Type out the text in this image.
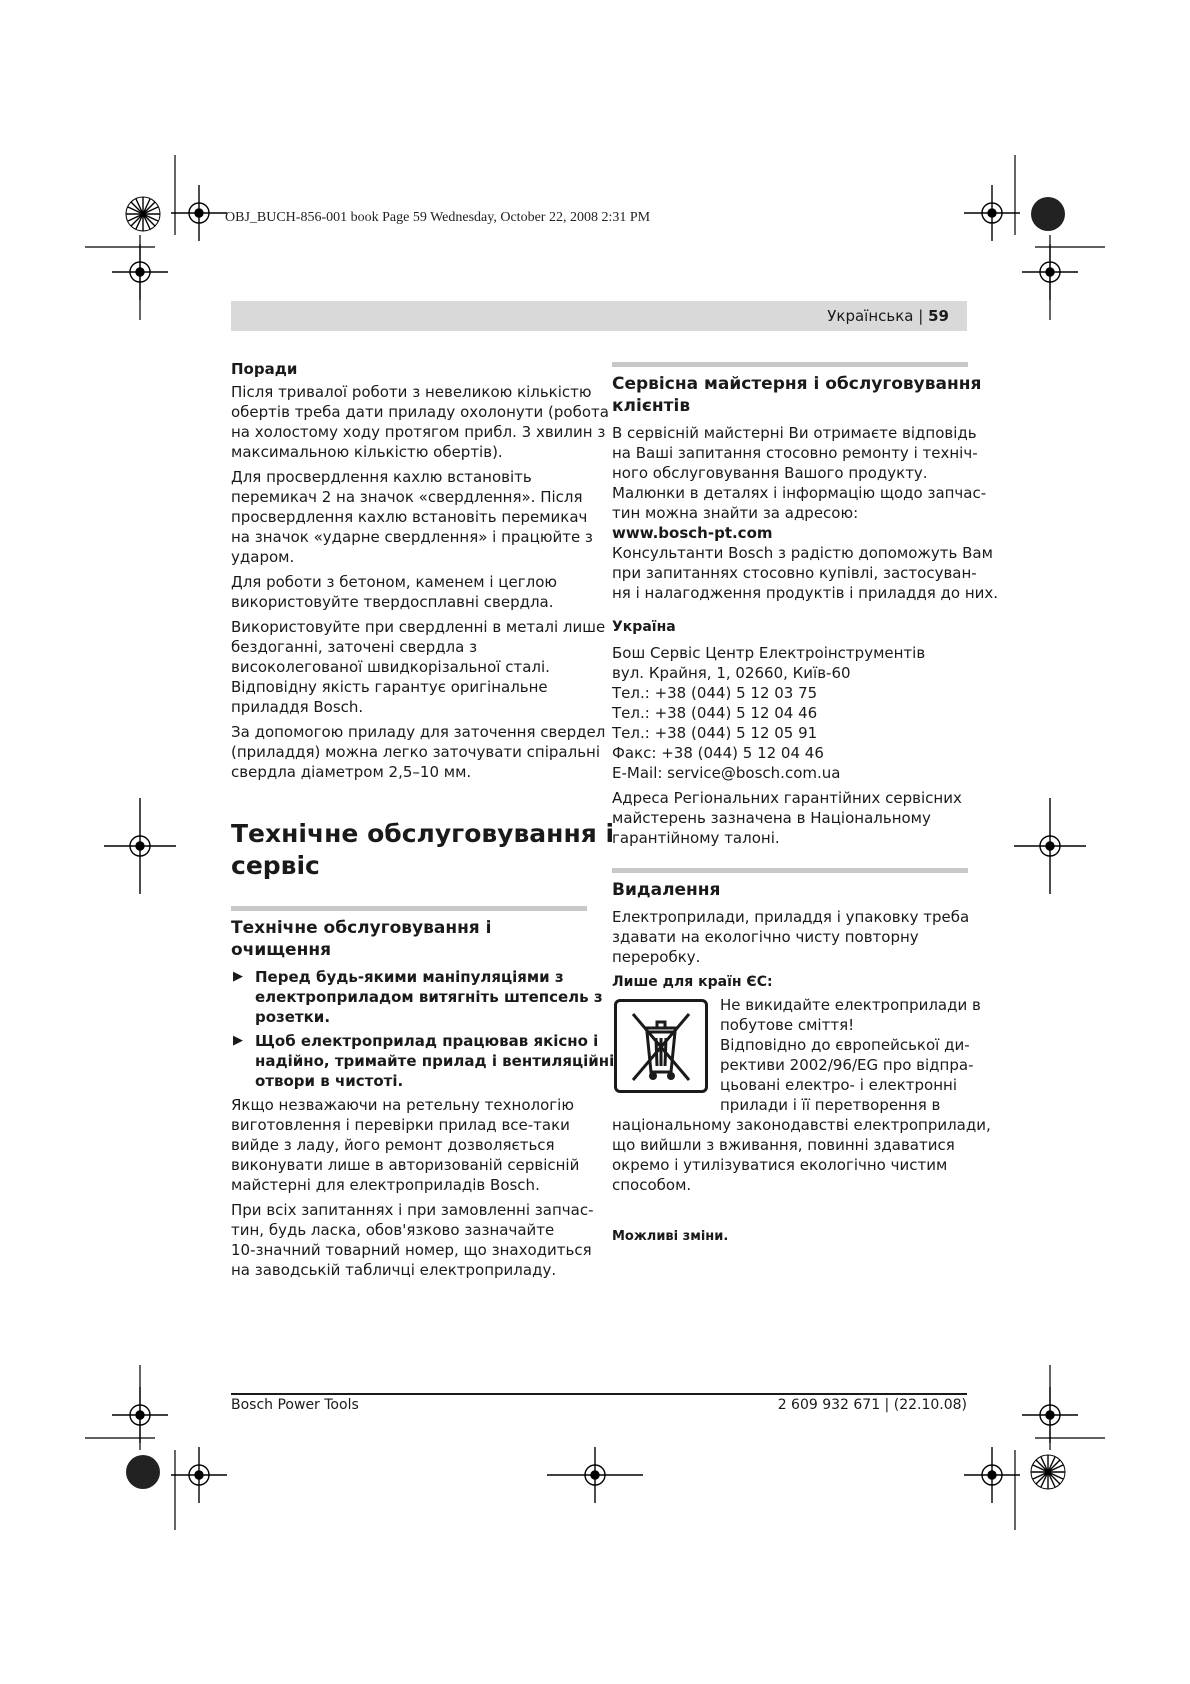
OBJ_BUCH-856-001 book Page 59 Wednesday, October 22, 2008 2:31 PM
Українська | 59
Поради

Після тривалої роботи з невеликою кількістю
обертів треба дати приладу охолонути (робота
на холостому ходу протягом прибл. 3 хвилин з
максимальною кількістю обертів).

Для просвердлення кахлю встановіть
перемикач 2 на значок «свердлення». Після
просвердлення кахлю встановіть перемикач
на значок «ударне свердлення» і працюйте з
ударом.

Для роботи з бетоном, каменем і цеглою
використовуйте твердосплавні свердла.

Використовуйте при свердленні в металі лише
бездоганні, заточені свердла з
високолегованої швидкорізальної сталі.
Відповідну якість гарантує оригінальне
приладдя Bosch.

За допомогою приладу для заточення свердел
(приладдя) можна легко заточувати спіральні
свердла діаметром 2,5–10 мм.

Технічне обслуговування і
сервіс
Технічне обслуговування і очищення
▶ Перед будь-якими маніпуляціями з
електроприладом витягніть штепсель з
розетки.
▶ Щоб електроприлад працював якісно і
надійно, тримайте прилад і вентиляційні
отвори в чистоті.

Якщо незважаючи на ретельну технологію
виготовлення і перевірки прилад все-таки
вийде з ладу, його ремонт дозволяється
виконувати лише в авторизованій сервісній
майстерні для електроприладів Bosch.

При всіх запитаннях і при замовленні запчас-
тин, будь ласка, обов'язково зазначайте
10-значний товарний номер, що знаходиться
на заводській табличці електроприладу.

Сервісна майстерня і обслуговування
клієнтів
В сервісній майстерні Ви отримаєте відповідь
на Ваші запитання стосовно ремонту і техніч-
ного обслуговування Вашого продукту.
Малюнки в деталях і інформацію щодо запчас-
тин можна знайти за адресою:
www.bosch-pt.com

Консультанти Bosch з радістю допоможуть Вам
при запитаннях стосовно купівлі, застосуван-
ня і налагодження продуктів і приладдя до них.

Україна

Бош Сервіс Центр Електроінструментів
вул. Крайня, 1, 02660, Київ-60
Тел.: +38 (044) 5 12 03 75
Тел.: +38 (044) 5 12 04 46
Тел.: +38 (044) 5 12 05 91
Факс: +38 (044) 5 12 04 46
E-Mail: service@bosch.com.ua

Адреса Регіональних гарантійних сервісних
майстерень зазначена в Національному
гарантійному талоні.

Видалення

Електроприлади, приладдя і упаковку треба
здавати на екологічно чисту повторну
переробку.

Лише для країн ЄС:
Не викидайте електроприлади в
побутове сміття!
Відповідно до європейської ди-
рективи 2002/96/EG про відпра-
цьовані електро- і електронні
прилади і її перетворення в

національному законодавстві електроприлади,
що вийшли з вживання, повинні здаватися
окремо і утилізуватися екологічно чистим
способом.

Можливі зміни.
Bosch Power Tools	2 609 932 671 | (22.10.08)
